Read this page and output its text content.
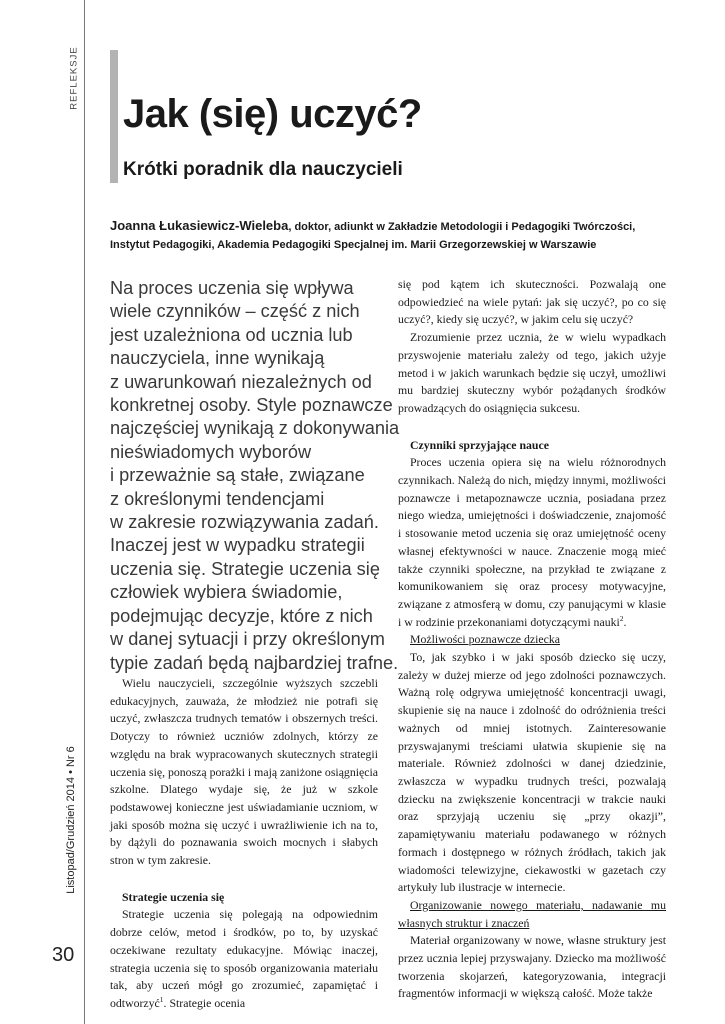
REFLEKSJE
Listopad/Grudzień 2014 • Nr 6
30
Jak (się) uczyć?
Krótki poradnik dla nauczycieli

Joanna Łukasiewicz-Wieleba, doktor, adiunkt w Zakładzie Metodologii i Pedagogiki Twórczości,
Instytut Pedagogiki, Akademia Pedagogiki Specjalnej im. Marii Grzegorzewskiej w Warszawie

Na proces uczenia się wpływa
wiele czynników – część z nich
jest uzależniona od ucznia lub
nauczyciela, inne wynikają
z uwarunkowań niezależnych od
konkretnej osoby. Style poznawcze
najczęściej wynikają z dokonywania
nieświadomych wyborów
i przeważnie są stałe, związane
z określonymi tendencjami
w zakresie rozwiązywania zadań.
Inaczej jest w wypadku strategii
uczenia się. Strategie uczenia się
człowiek wybiera świadomie,
podejmując decyzje, które z nich
w danej sytuacji i przy określonym
typie zadań będą najbardziej trafne.

Wielu nauczycieli, szczególnie wyższych szczebli edukacyjnych, zauważa, że młodzież nie potrafi się uczyć, zwłaszcza trudnych tematów i obszernych treści. Dotyczy to również uczniów zdolnych, którzy ze względu na brak wypracowanych skutecznych strategii uczenia się, ponoszą porażki i mają zaniżone osiągnięcia szkolne. Dlatego wydaje się, że już w szkole podstawowej konieczne jest uświadamianie uczniom, w jaki sposób można się uczyć i uwrażliwienie ich na to, by dążyli do poznawania swoich mocnych i słabych stron w tym zakresie.

Strategie uczenia się

Strategie uczenia się polegają na odpowiednim dobrze celów, metod i środków, po to, by uzyskać oczekiwane rezultaty edukacyjne. Mówiąc inaczej, strategia uczenia się to sposób organizowania materiału tak, aby uczeń mógł go zrozumieć, zapamiętać i odtworzyć$^1$. Strategie ocenia

się pod kątem ich skuteczności. Pozwalają one odpowiedzieć na wiele pytań: jak się uczyć?, po co się uczyć?, kiedy się uczyć?, w jakim celu się uczyć?

Zrozumienie przez ucznia, że w wielu wypadkach przyswojenie materiału zależy od tego, jakich użyje metod i w jakich warunkach będzie się uczył, umożliwi mu bardziej skuteczny wybór pożądanych środków prowadzących do osiągnięcia sukcesu.

Czynniki sprzyjające nauce

Proces uczenia opiera się na wielu różnorodnych czynnikach. Należą do nich, między innymi, możliwości poznawcze i metapoznawcze ucznia, posiadana przez niego wiedza, umiejętności i doświadczenie, znajomość i stosowanie metod uczenia się oraz umiejętność oceny własnej efektywności w nauce. Znaczenie mogą mieć także czynniki społeczne, na przykład te związane z komunikowaniem się oraz procesy motywacyjne, związane z atmosferą w domu, czy panującymi w klasie i w rodzinie przekonaniami dotyczącymi nauki$^2$.

Możliwości poznawcze dziecka

To, jak szybko i w jaki sposób dziecko się uczy, zależy w dużej mierze od jego zdolności poznawczych. Ważną rolę odgrywa umiejętność koncentracji uwagi, skupienie się na nauce i zdolność do odróżnienia treści ważnych od mniej istotnych. Zainteresowanie przyswajanymi treściami ułatwia skupienie się na materiale. Również zdolności w danej dziedzinie, zwłaszcza w wypadku trudnych treści, pozwalają dziecku na zwiększenie koncentracji w trakcie nauki oraz sprzyjają uczeniu się „przy okazji”, zapamiętywaniu materiału podawanego w różnych formach i dostępnego w różnych źródłach, takich jak wiadomości telewizyjne, ciekawostki w gazetach czy artykuły lub ilustracje w internecie.

Organizowanie nowego materiału, nadawanie mu własnych struktur i znaczeń

Materiał organizowany w nowe, własne struktury jest przez ucznia lepiej przyswajany. Dziecko ma możliwość tworzenia skojarzeń, kategoryzowania, integracji fragmentów informacji w większą całość. Może także
